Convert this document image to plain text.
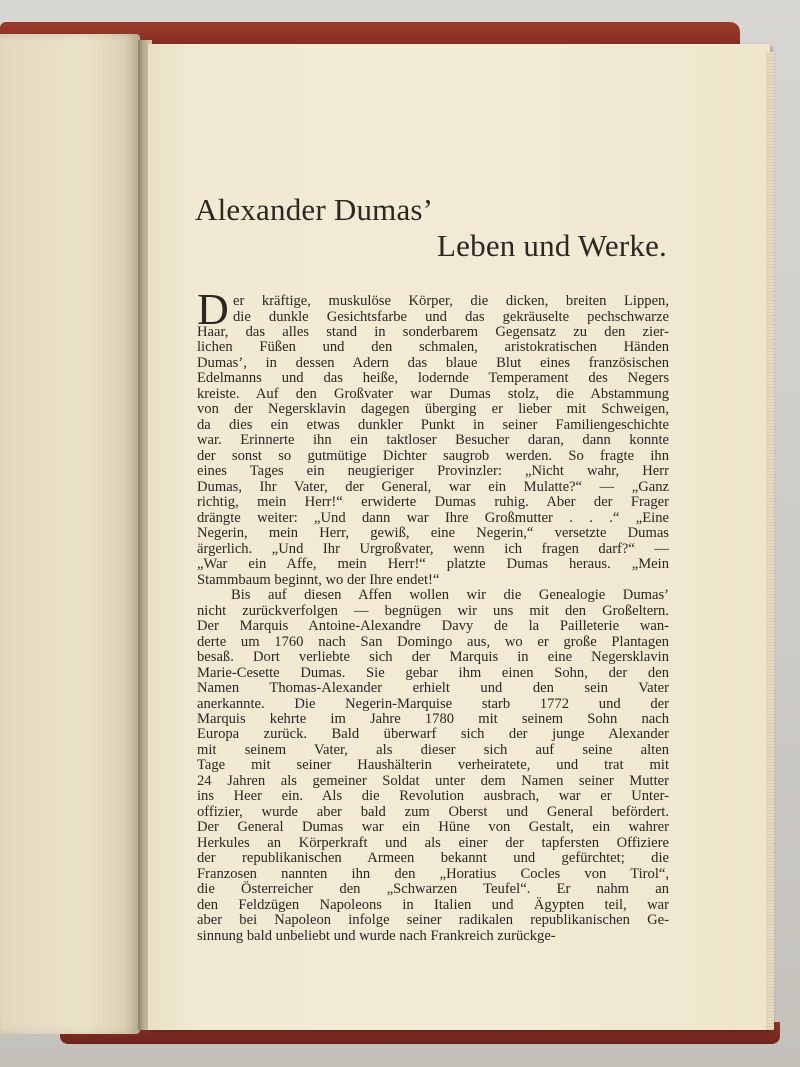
Alexander Dumas’
Leben und Werke.
D er kräftige, muskulöse Körper, die dicken, breiten Lippen,
die dunkle Gesichtsfarbe und das gekräuselte pechschwarze
Haar, das alles stand in sonderbarem Gegensatz zu den zier-
lichen Füßen und den schmalen, aristokratischen Händen
Dumas’, in dessen Adern das blaue Blut eines französischen
Edelmanns und das heiße, lodernde Temperament des Negers
kreiste. Auf den Großvater war Dumas stolz, die Abstammung
von der Negersklavin dagegen überging er lieber mit Schweigen,
da dies ein etwas dunkler Punkt in seiner Familiengeschichte
war. Erinnerte ihn ein taktloser Besucher daran, dann konnte
der sonst so gutmütige Dichter saugrob werden. So fragte ihn
eines Tages ein neugieriger Provinzler: „Nicht wahr, Herr
Dumas, Ihr Vater, der General, war ein Mulatte?“ — „Ganz
richtig, mein Herr!“ erwiderte Dumas ruhig. Aber der Frager
drängte weiter: „Und dann war Ihre Großmutter . . .“ „Eine
Negerin, mein Herr, gewiß, eine Negerin,“ versetzte Dumas
ärgerlich. „Und Ihr Urgroßvater, wenn ich fragen darf?“ —
„War ein Affe, mein Herr!“ platzte Dumas heraus. „Mein
Stammbaum beginnt, wo der Ihre endet!“
Bis auf diesen Affen wollen wir die Genealogie Dumas’
nicht zurückverfolgen — begnügen wir uns mit den Großeltern.
Der Marquis Antoine-Alexandre Davy de la Pailleterie wan-
derte um 1760 nach San Domingo aus, wo er große Plantagen
besaß. Dort verliebte sich der Marquis in eine Negersklavin
Marie-Cesette Dumas. Sie gebar ihm einen Sohn, der den
Namen Thomas-Alexander erhielt und den sein Vater
anerkannte. Die Negerin-Marquise starb 1772 und der
Marquis kehrte im Jahre 1780 mit seinem Sohn nach
Europa zurück. Bald überwarf sich der junge Alexander
mit seinem Vater, als dieser sich auf seine alten
Tage mit seiner Haushälterin verheiratete, und trat mit
24 Jahren als gemeiner Soldat unter dem Namen seiner Mutter
ins Heer ein. Als die Revolution ausbrach, war er Unter-
offizier, wurde aber bald zum Oberst und General befördert.
Der General Dumas war ein Hüne von Gestalt, ein wahrer
Herkules an Körperkraft und als einer der tapfersten Offiziere
der republikanischen Armeen bekannt und gefürchtet; die
Franzosen nannten ihn den „Horatius Cocles von Tirol“,
die Österreicher den „Schwarzen Teufel“. Er nahm an
den Feldzügen Napoleons in Italien und Ägypten teil, war
aber bei Napoleon infolge seiner radikalen republikanischen Ge-
sinnung bald unbeliebt und wurde nach Frankreich zurückge-
